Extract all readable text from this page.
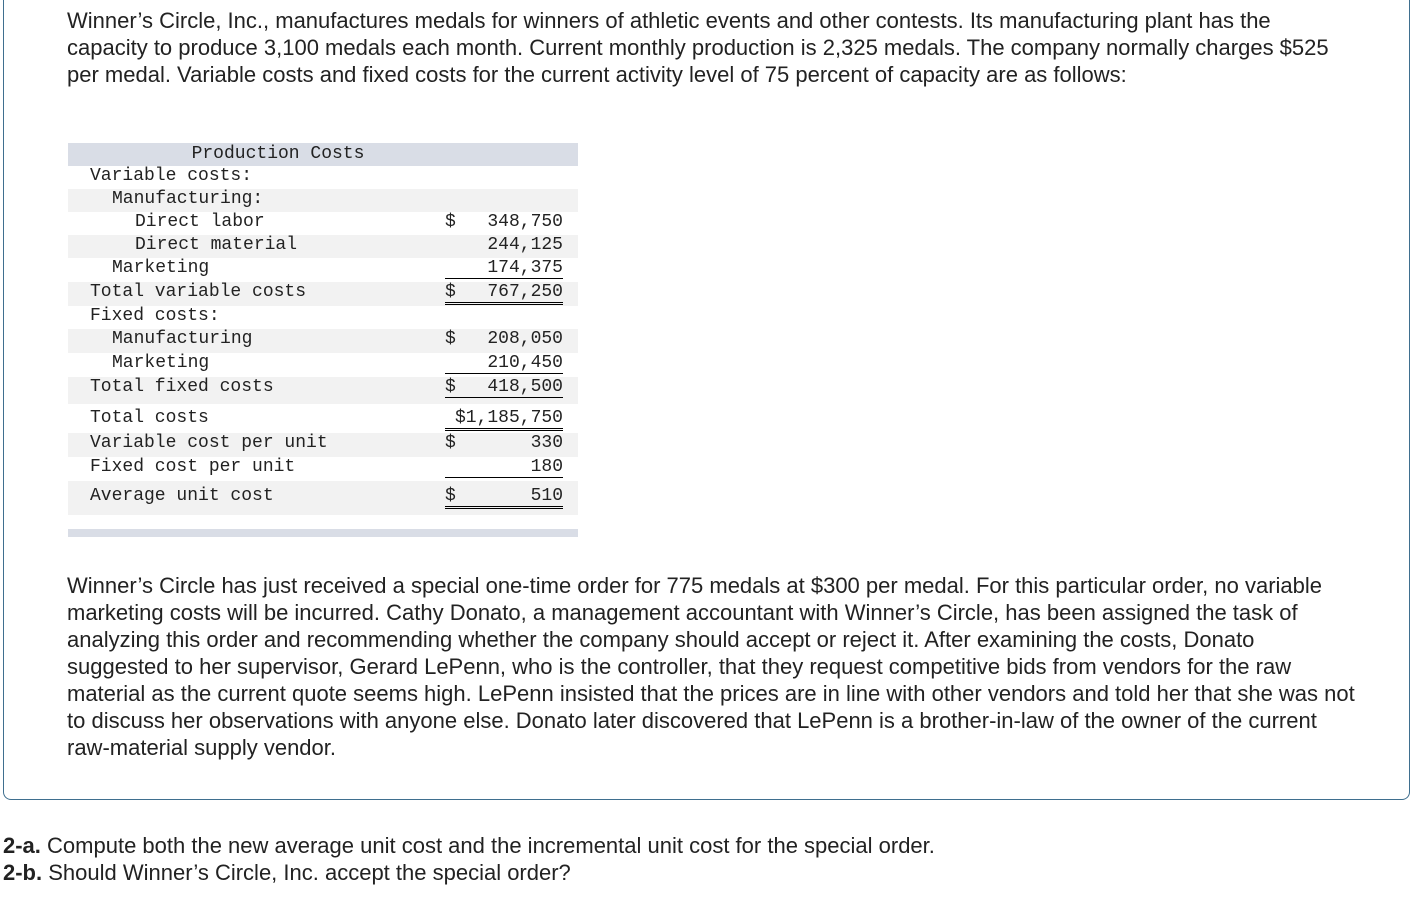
Winner’s Circle, Inc., manufactures medals for winners of athletic events and other contests. Its manufacturing plant has the capacity to produce 3,100 medals each month. Current monthly production is 2,325 medals. The company normally charges $525 per medal. Variable costs and fixed costs for the current activity level of 75 percent of capacity are as follows:

Production Costs
Variable costs:
Manufacturing:
Direct labor	$ 348,750
Direct material	244,125
Marketing	174,375
Total variable costs	$	767,250
Fixed costs:
Manufacturing	$ 208,050
Marketing	210,450
Total fixed costs	$	418,500
Total costs	$1,185,750
Variable cost per unit	$	330
Fixed cost per unit	180
Average unit cost	$	510

Winner’s Circle has just received a special one-time order for 775 medals at $300 per medal. For this particular order, no variable marketing costs will be incurred. Cathy Donato, a management accountant with Winner’s Circle, has been assigned the task of analyzing this order and recommending whether the company should accept or reject it. After examining the costs, Donato suggested to her supervisor, Gerard LePenn, who is the controller, that they request competitive bids from vendors for the raw material as the current quote seems high. LePenn insisted that the prices are in line with other vendors and told her that she was not to discuss her observations with anyone else. Donato later discovered that LePenn is a brother-in-law of the owner of the current raw-material supply vendor.

2-a. Compute both the new average unit cost and the incremental unit cost for the special order.

2-b. Should Winner’s Circle, Inc. accept the special order?
